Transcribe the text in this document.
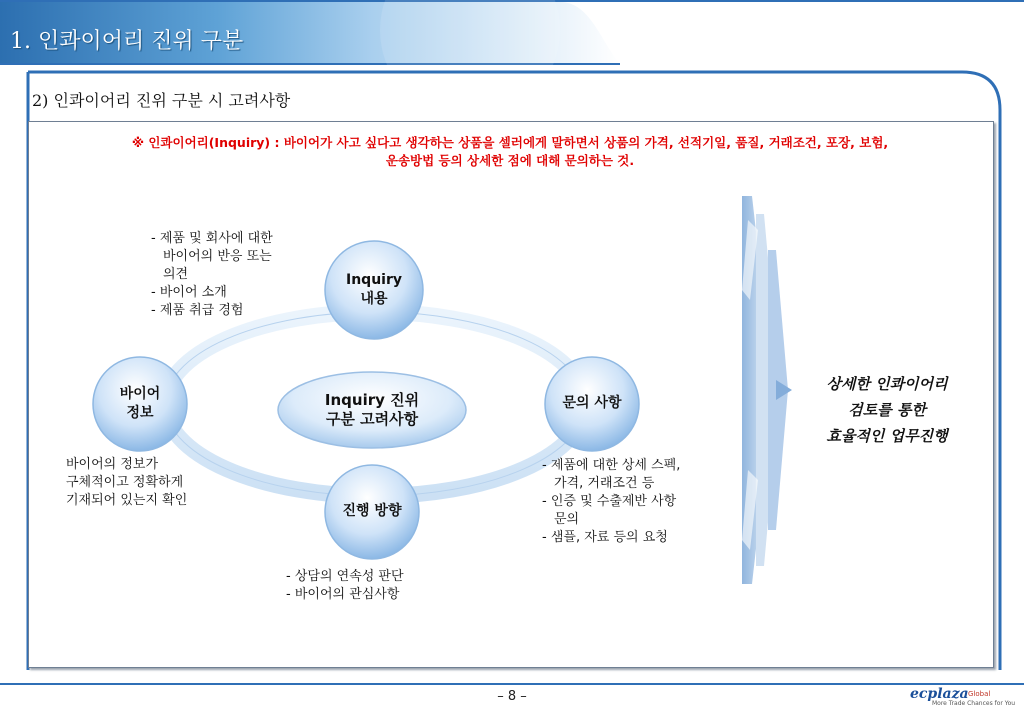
1. 인콰이어리 진위 구분
2) 인콰이어리 진위 구분 시 고려사항
※ 인콰이어리(Inquiry) : 바이어가 사고 싶다고 생각하는 상품을 셀러에게 말하면서 상품의 가격, 선적기일, 품질, 거래조건, 포장, 보험,
운송방법 등의 상세한 점에 대해 문의하는 것.
Inquiry
내용
바이어
정보
문의 사항
진행 방향
Inquiry 진위
구분 고려사항
- 제품 및 회사에 대한
바이어의 반응 또는
의견
- 바이어 소개
- 제품 취급 경험
바이어의 정보가
구체적이고 정확하게
기재되어 있는지 확인
- 제품에 대한 상세 스펙,
가격, 거래조건 등
- 인증 및 수출제반 사항
문의
- 샘플, 자료 등의 요청
- 상담의 연속성 판단
- 바이어의 관심사항
상세한 인콰이어리
검토를 통한
효율적인 업무진행
– 8 –	ecplaza Global
More Trade Chances for You
